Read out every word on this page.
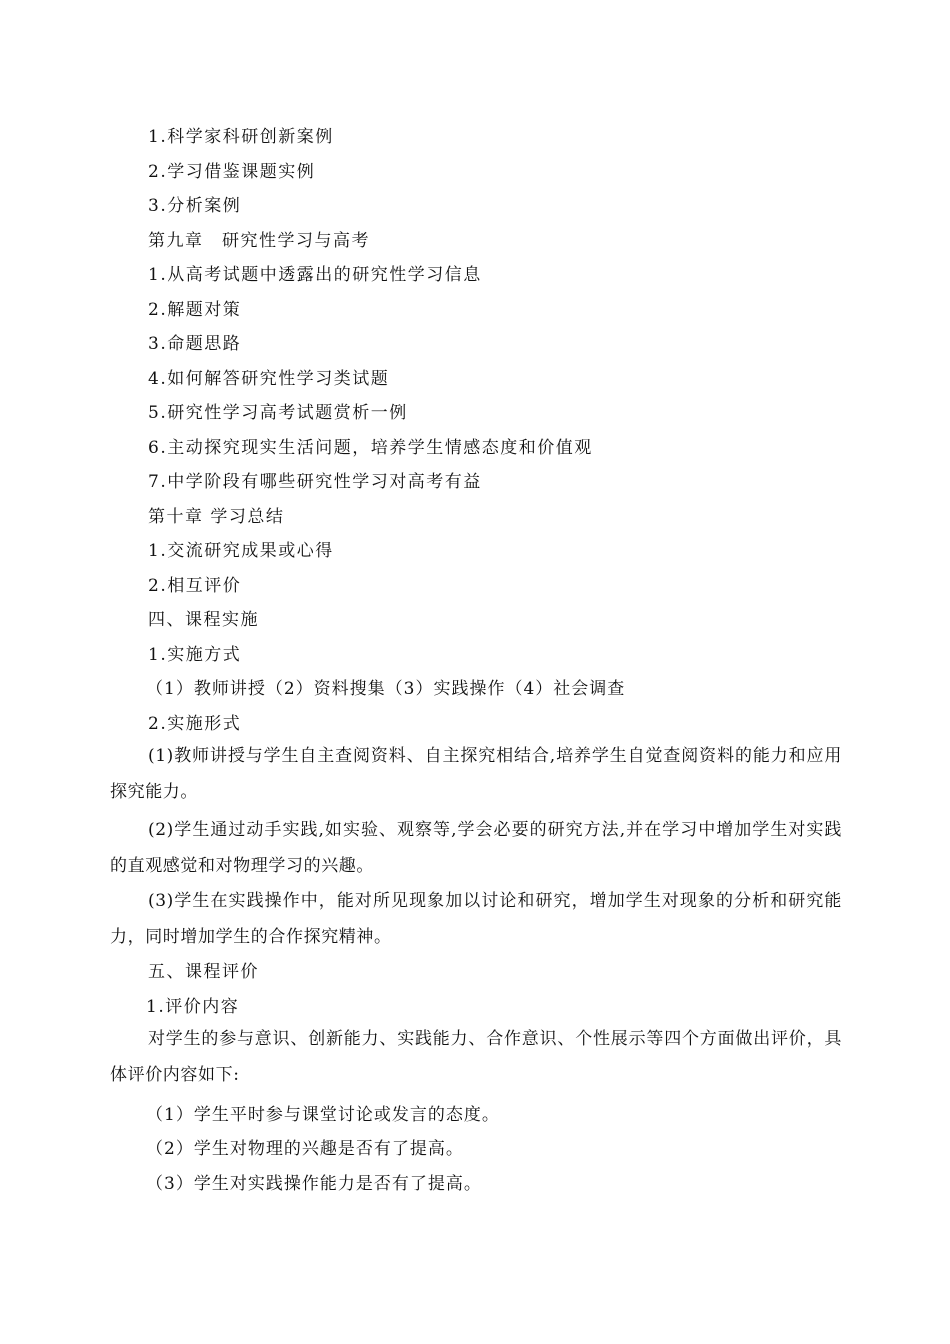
1.科学家科研创新案例
2.学习借鉴课题实例
3.分析案例
第九章　研究性学习与高考
1.从高考试题中透露出的研究性学习信息
2.解题对策
3.命题思路
4.如何解答研究性学习类试题
5.研究性学习高考试题赏析一例
6.主动探究现实生活问题，培养学生情感态度和价值观
7.中学阶段有哪些研究性学习对高考有益
第十章 学习总结
1.交流研究成果或心得
2.相互评价
四、课程实施
1.实施方式
（1）教师讲授（2）资料搜集（3）实践操作（4）社会调查
2.实施形式
(1)教师讲授与学生自主查阅资料、自主探究相结合,培养学生自觉查阅资料的能力和应用探究能力。
(2)学生通过动手实践,如实验、观察等,学会必要的研究方法,并在学习中增加学生对实践的直观感觉和对物理学习的兴趣。
(3)学生在实践操作中，能对所见现象加以讨论和研究，增加学生对现象的分析和研究能力，同时增加学生的合作探究精神。
五、课程评价
1.评价内容
对学生的参与意识、创新能力、实践能力、合作意识、个性展示等四个方面做出评价，具体评价内容如下:
（1）学生平时参与课堂讨论或发言的态度。
（2）学生对物理的兴趣是否有了提高。
（3）学生对实践操作能力是否有了提高。
